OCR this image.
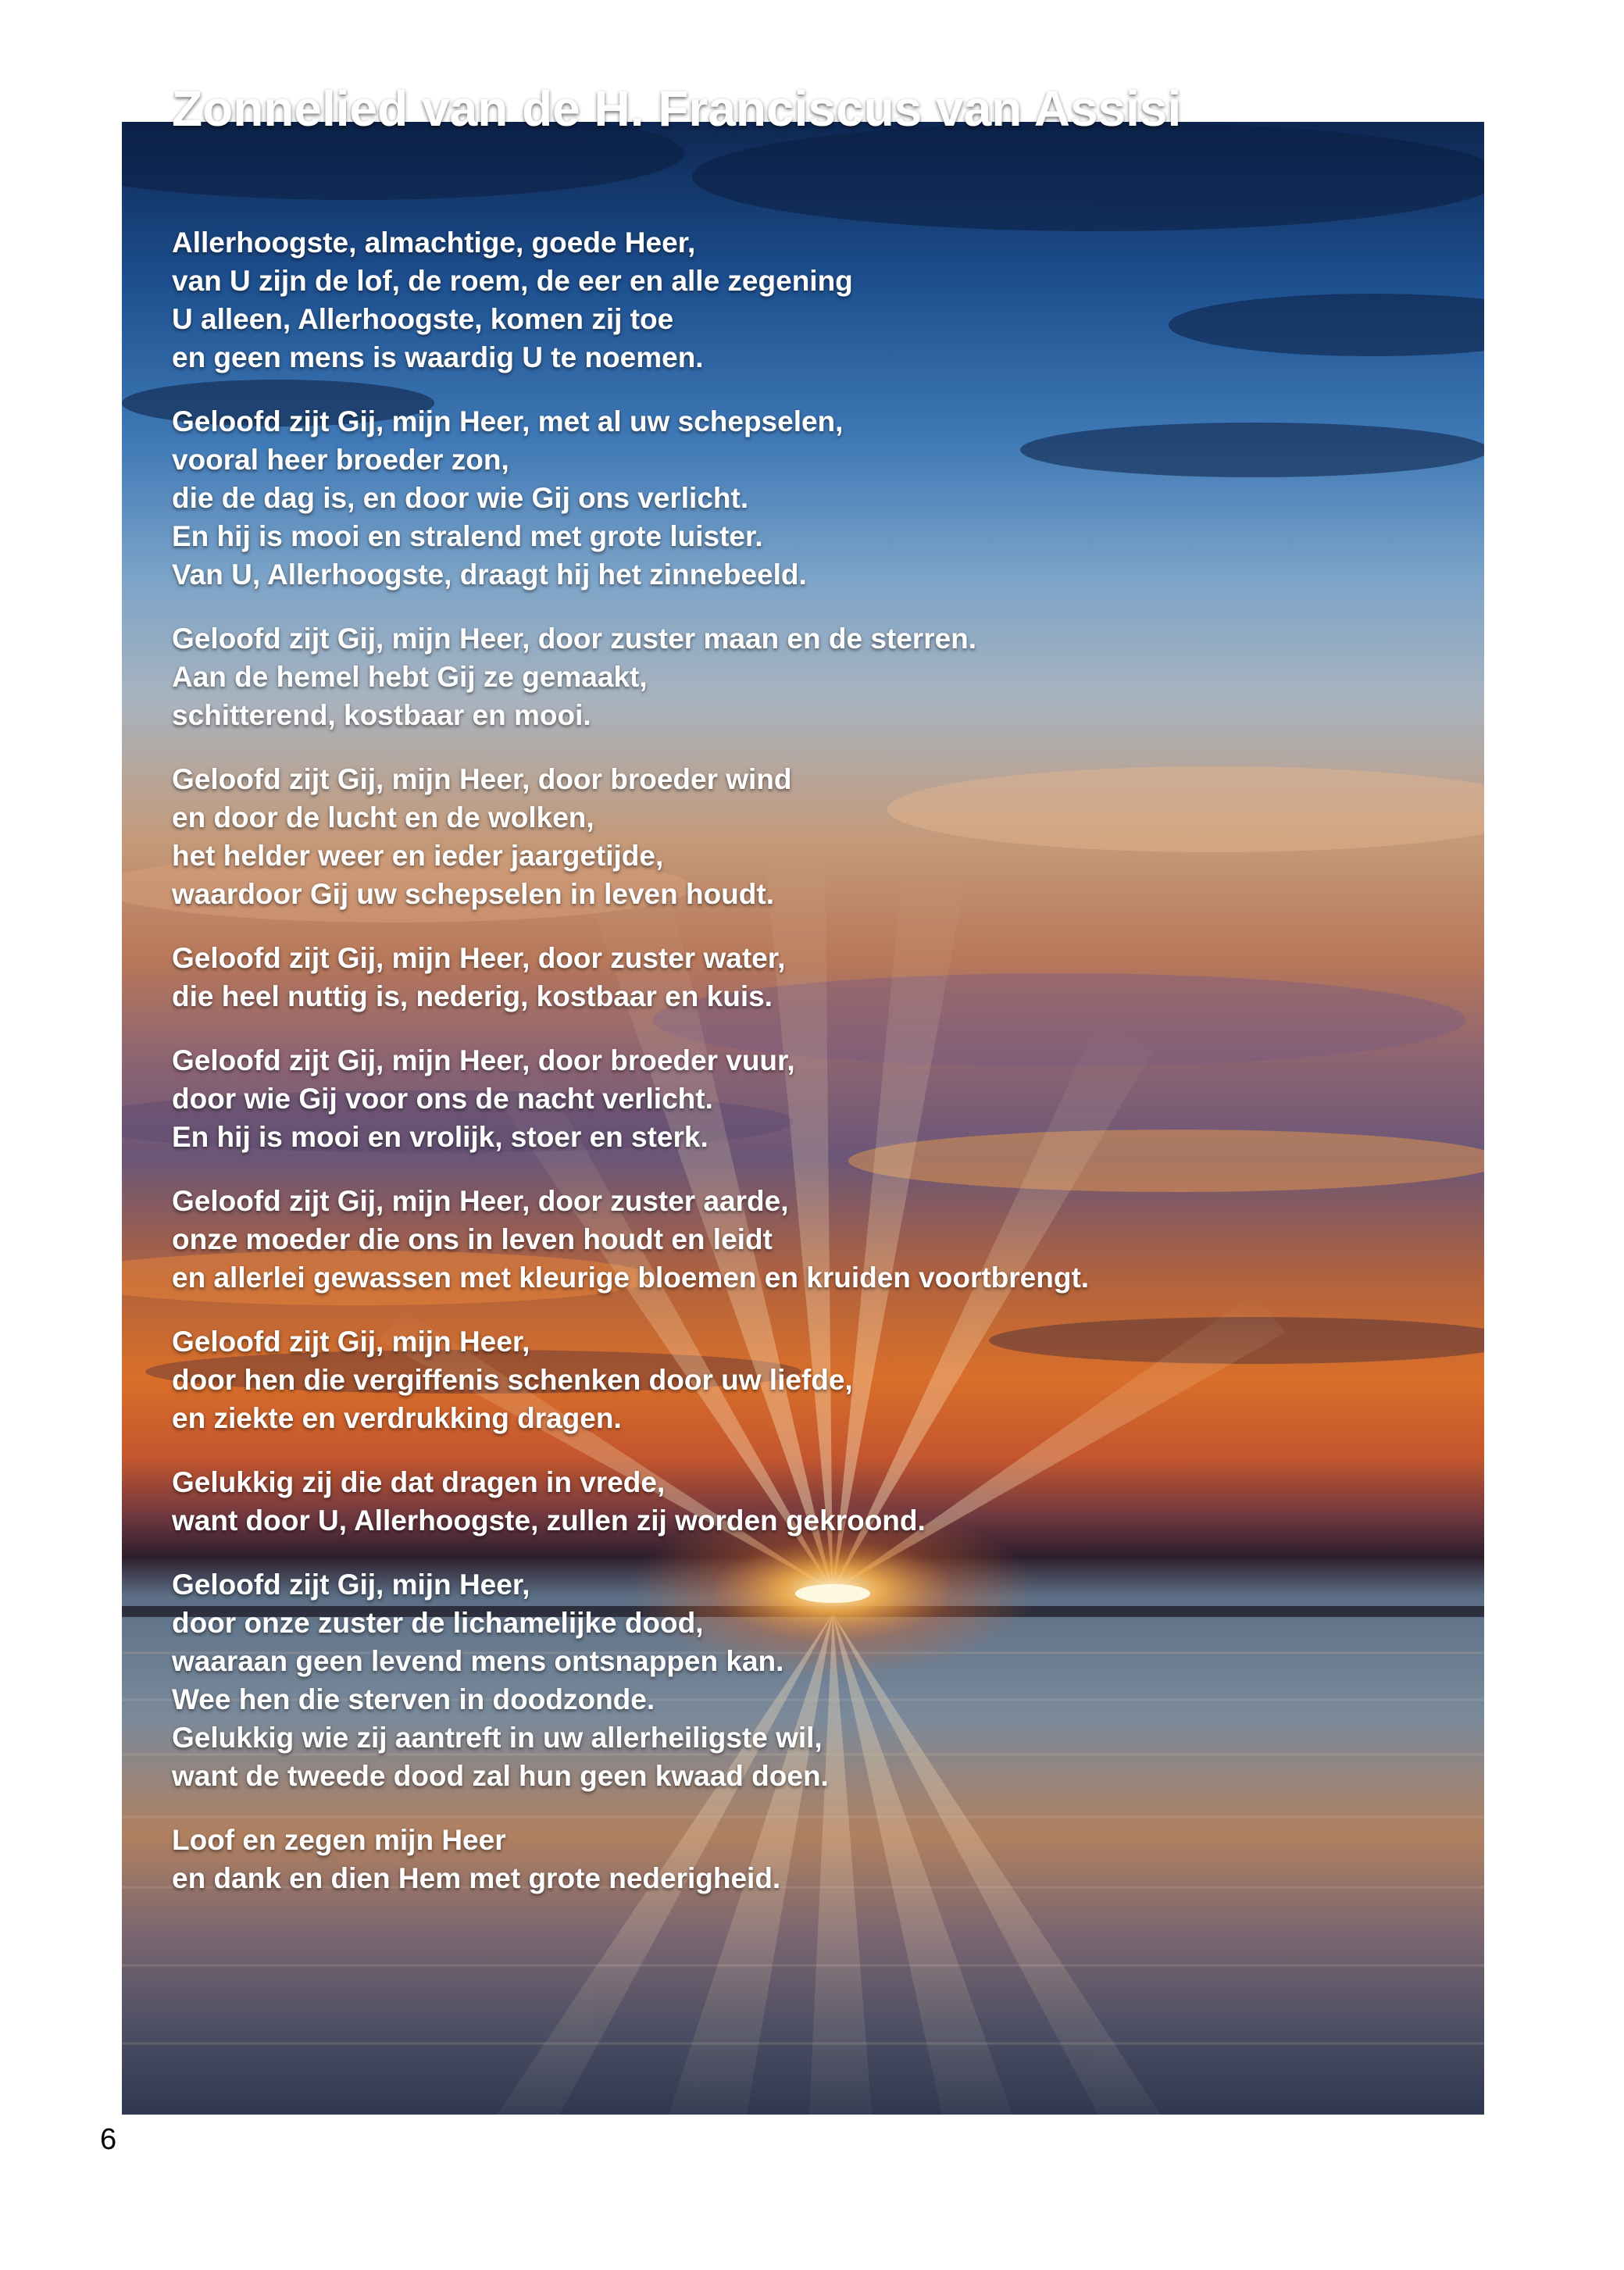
Zonnelied van de H. Franciscus van Assisi
Allerhoogste, almachtige, goede Heer,
van U zijn de lof, de roem, de eer en alle zegening
U alleen, Allerhoogste, komen zij toe
en geen mens is waardig U te noemen.
Geloofd zijt Gij, mijn Heer, met al uw schepselen,
vooral heer broeder zon,
die de dag is, en door wie Gij ons verlicht.
En hij is mooi en stralend met grote luister.
Van U, Allerhoogste, draagt hij het zinnebeeld.
Geloofd zijt Gij, mijn Heer, door zuster maan en de sterren.
Aan de hemel hebt Gij ze gemaakt,
schitterend, kostbaar en mooi.
Geloofd zijt Gij, mijn Heer, door broeder wind
en door de lucht en de wolken,
het helder weer en ieder jaargetijde,
waardoor Gij uw schepselen in leven houdt.
Geloofd zijt Gij, mijn Heer, door zuster water,
die heel nuttig is, nederig, kostbaar en kuis.
Geloofd zijt Gij, mijn Heer, door broeder vuur,
door wie Gij voor ons de nacht verlicht.
En hij is mooi en vrolijk, stoer en sterk.
Geloofd zijt Gij, mijn Heer, door zuster aarde,
onze moeder die ons in leven houdt en leidt
en allerlei gewassen met kleurige bloemen en kruiden voortbrengt.
Geloofd zijt Gij, mijn Heer,
door hen die vergiffenis schenken door uw liefde,
en ziekte en verdrukking dragen.
Gelukkig zij die dat dragen in vrede,
want door U, Allerhoogste, zullen zij worden gekroond.
Geloofd zijt Gij, mijn Heer,
door onze zuster de lichamelijke dood,
waaraan geen levend mens ontsnappen kan.
Wee hen die sterven in doodzonde.
Gelukkig wie zij aantreft in uw allerheiligste wil,
want de tweede dood zal hun geen kwaad doen.
Loof en zegen mijn Heer
en dank en dien Hem met grote nederigheid.
6
